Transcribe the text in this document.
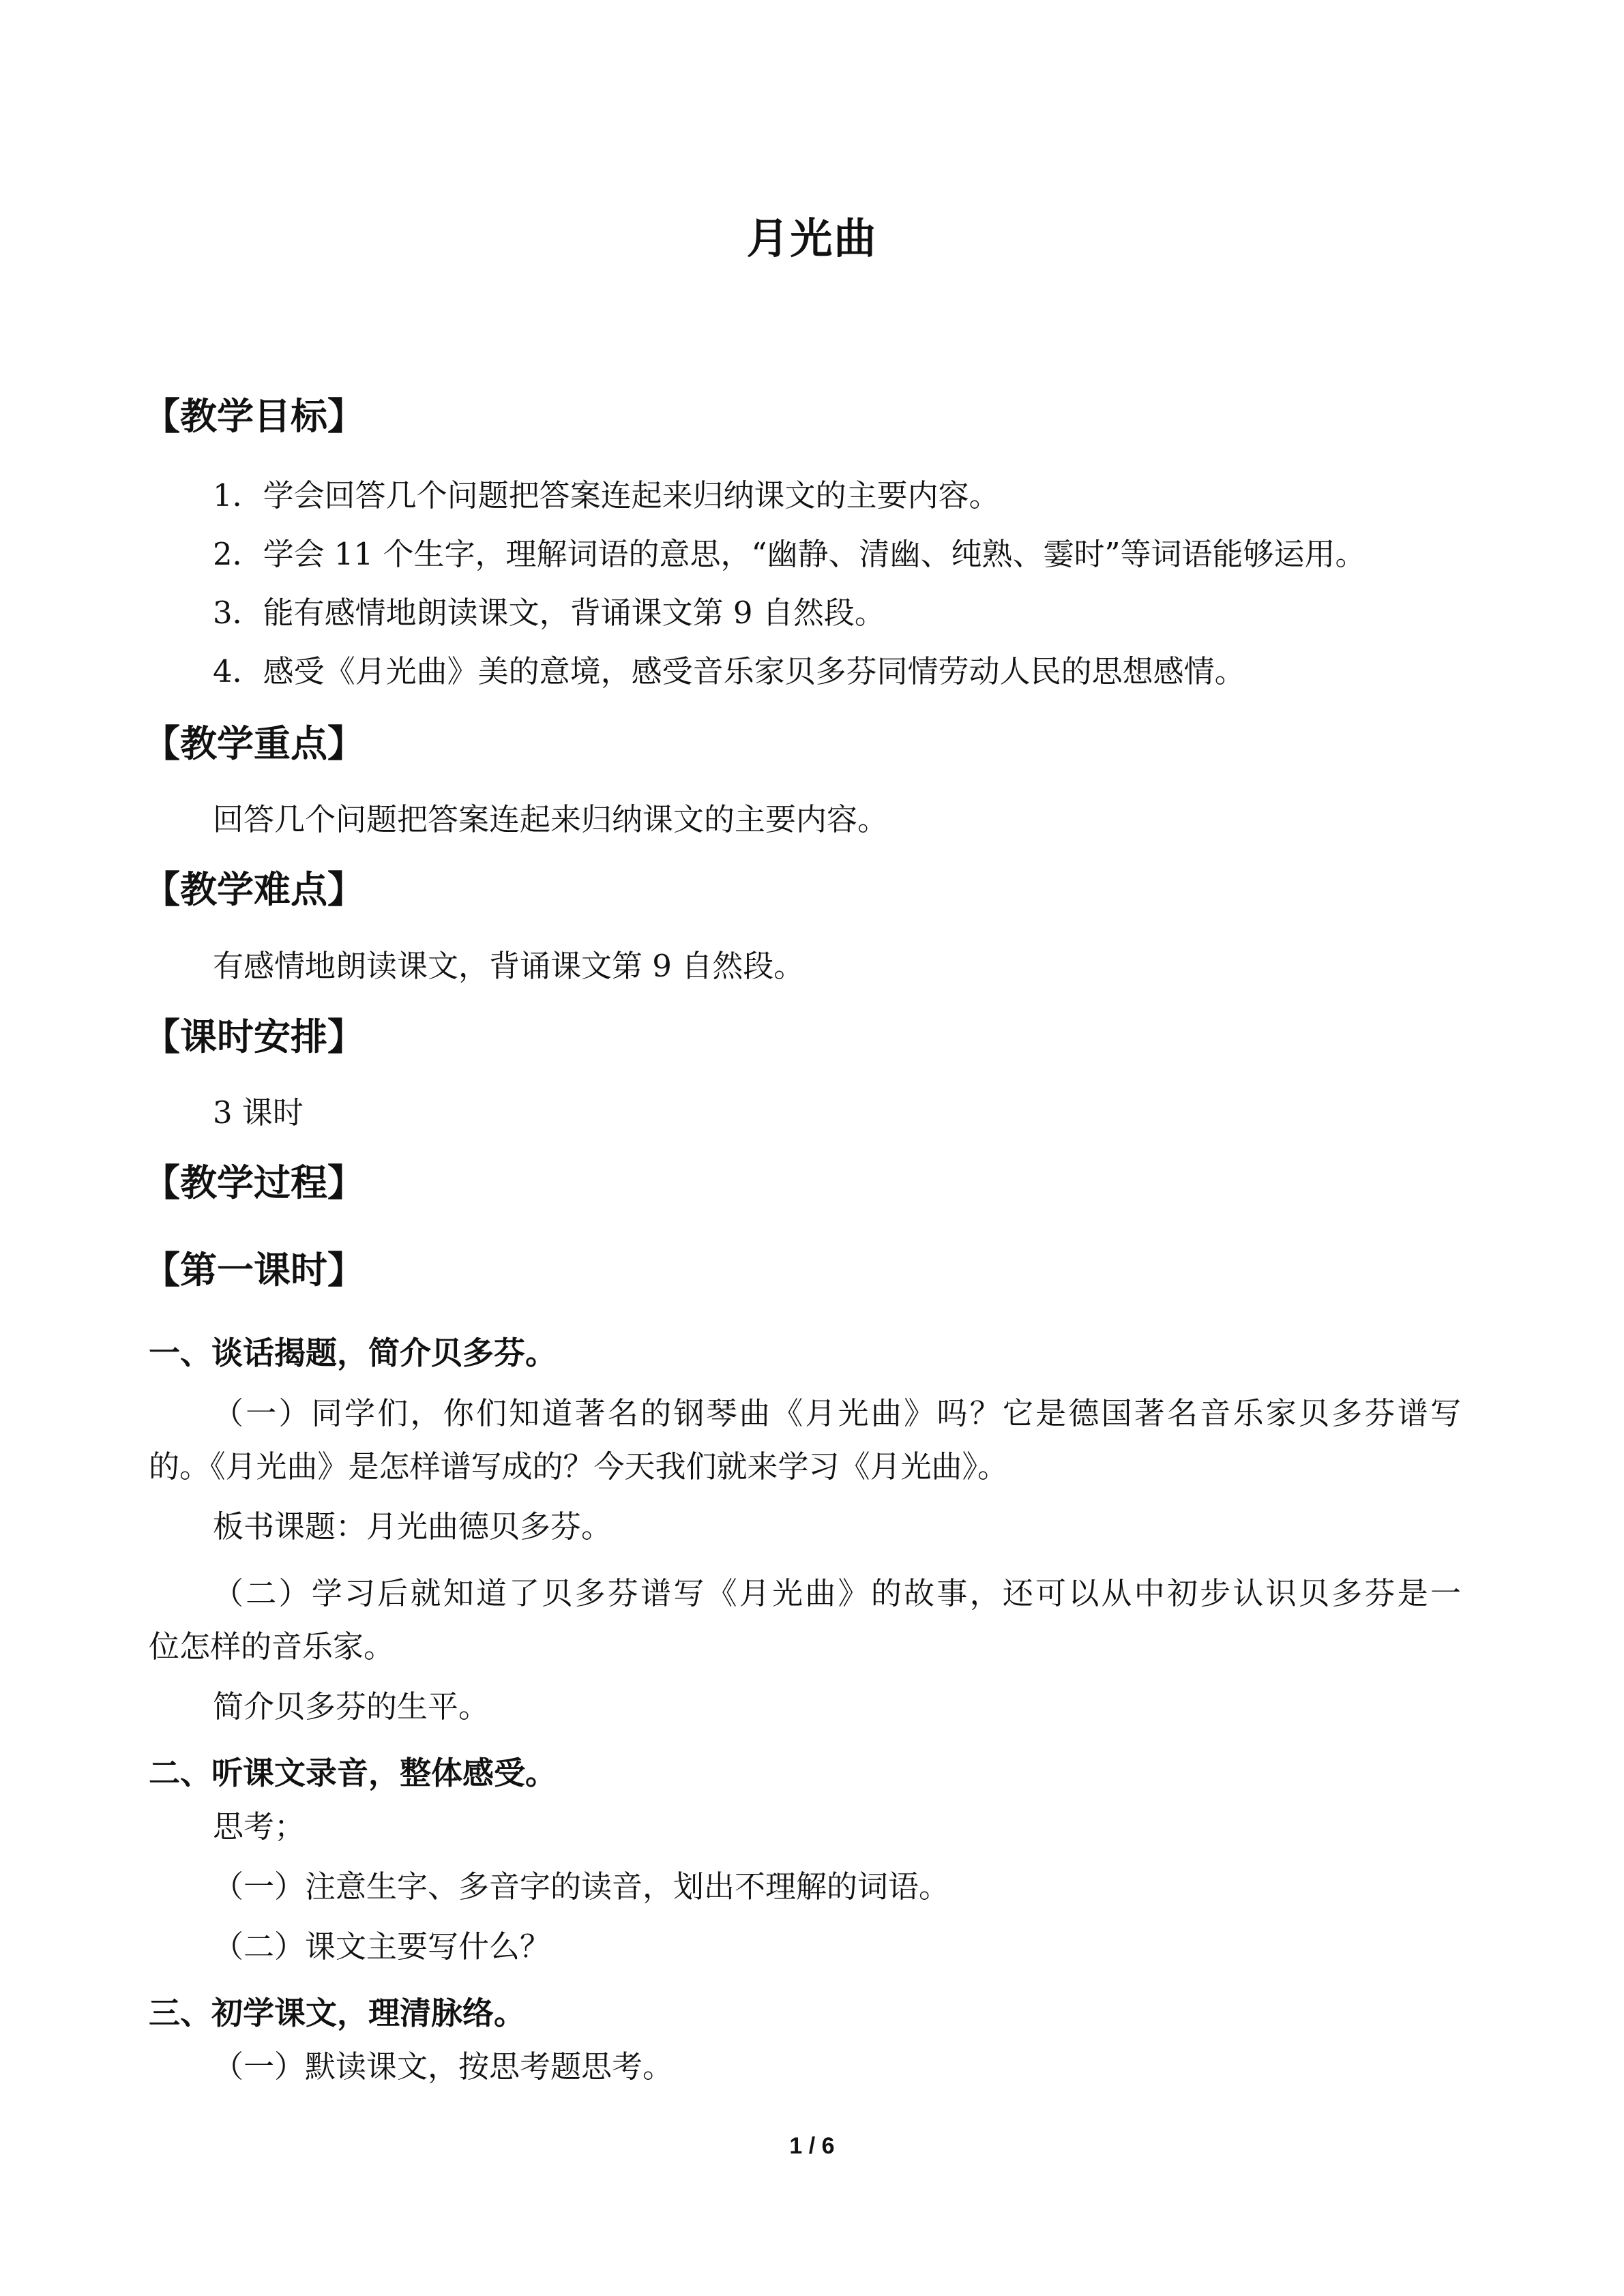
月光曲
【教学目标】
1．学会回答几个问题把答案连起来归纳课文的主要内容。
2．学会 11 个生字，理解词语的意思，“幽静、清幽、纯熟、霎时”等词语能够运用。
3．能有感情地朗读课文，背诵课文第 9 自然段。
4．感受《月光曲》美的意境，感受音乐家贝多芬同情劳动人民的思想感情。
【教学重点】
回答几个问题把答案连起来归纳课文的主要内容。
【教学难点】
有感情地朗读课文，背诵课文第 9 自然段。
【课时安排】
3 课时
【教学过程】
【第一课时】
一、谈话揭题，简介贝多芬。
（一）同学们，你们知道著名的钢琴曲《月光曲》吗？它是德国著名音乐家贝多芬谱写
的。《月光曲》是怎样谱写成的？今天我们就来学习《月光曲》。
板书课题：月光曲德贝多芬。
（二）学习后就知道了贝多芬谱写《月光曲》的故事，还可以从中初步认识贝多芬是一
位怎样的音乐家。
简介贝多芬的生平。
二、听课文录音，整体感受。
思考；
（一）注意生字、多音字的读音，划出不理解的词语。
（二）课文主要写什么？
三、初学课文，理清脉络。
（一）默读课文，按思考题思考。
1 / 6
